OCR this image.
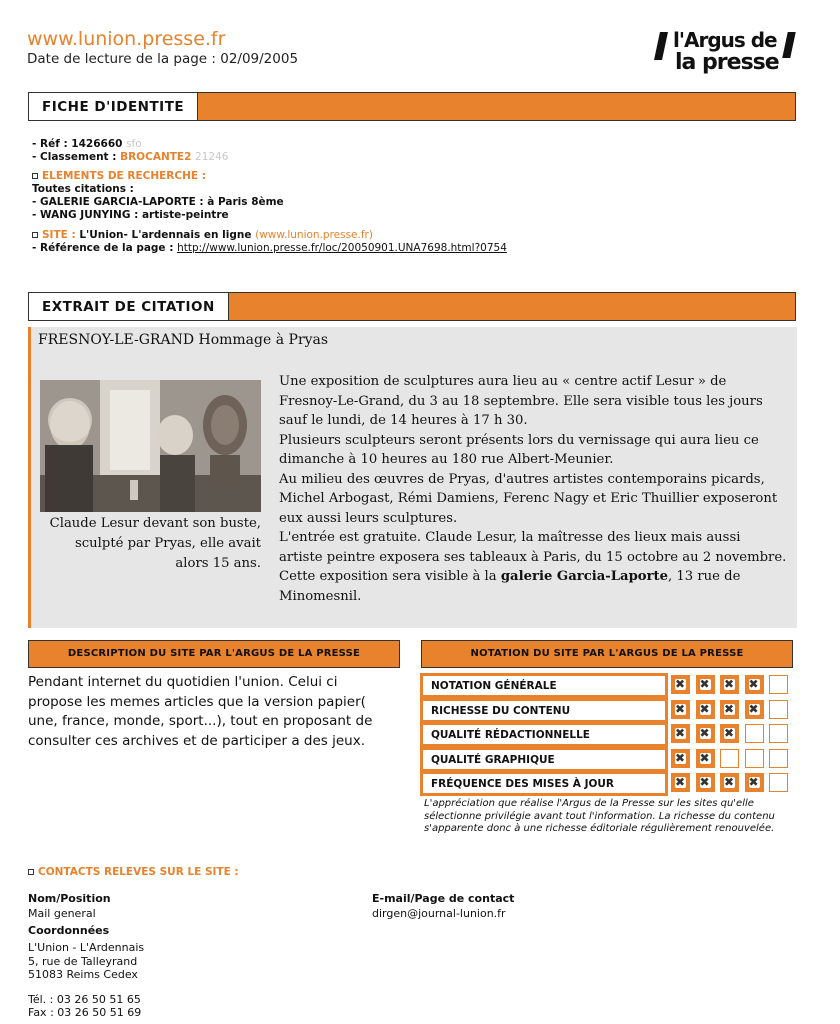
www.lunion.presse.fr
Date de lecture de la page : 02/09/2005
l'Argus de
la presse
FICHE D'IDENTITE
- Réf : 1426660 sfo
- Classement : BROCANTE2 21246
ELEMENTS DE RECHERCHE :
Toutes citations :
- GALERIE GARCIA-LAPORTE : à Paris 8ème
- WANG JUNYING : artiste-peintre
SITE : L'Union- L'ardennais en ligne (www.lunion.presse.fr)
- Référence de la page : http://www.lunion.presse.fr/loc/20050901.UNA7698.html?0754
EXTRAIT DE CITATION
FRESNOY-LE-GRAND Hommage à Pryas
Claude Lesur devant son buste, sculpté par Pryas, elle avait alors 15 ans.

Une exposition de sculptures aura lieu au « centre actif Lesur » de Fresnoy-Le-Grand, du 3 au 18 septembre. Elle sera visible tous les jours sauf le lundi, de 14 heures à 17 h 30.

Plusieurs sculpteurs seront présents lors du vernissage qui aura lieu ce dimanche à 10 heures au 180 rue Albert-Meunier.

Au milieu des œuvres de Pryas, d'autres artistes contemporains picards, Michel Arbogast, Rémi Damiens, Ferenc Nagy et Eric Thuillier exposeront eux aussi leurs sculptures.

L'entrée est gratuite. Claude Lesur, la maîtresse des lieux mais aussi artiste peintre exposera ses tableaux à Paris, du 15 octobre au 2 novembre.

Cette exposition sera visible à la galerie Garcia-Laporte, 13 rue de Minomesnil.

DESCRIPTION DU SITE PAR L'ARGUS DE LA PRESSE
Pendant internet du quotidien l'union. Celui ci propose les memes articles que la version papier( une, france, monde, sport...), tout en proposant de consulter ces archives et de participer a des jeux.
NOTATION DU SITE PAR L'ARGUS DE LA PRESSE
NOTATION GÉNÉRALE
✖
✖
✖
✖
RICHESSE DU CONTENU
✖
✖
✖
✖
QUALITÉ RÉDACTIONNELLE
✖
✖
✖
QUALITÉ GRAPHIQUE
✖
✖
FRÉQUENCE DES MISES À JOUR
✖
✖
✖
✖
L'appréciation que réalise l'Argus de la Presse sur les sites qu'elle sélectionne privilégie avant tout l'information. La richesse du contenu s'apparente donc à une richesse éditoriale régulièrement renouvelée.
CONTACTS RELEVES SUR LE SITE :
Nom/Position
Mail general
Coordonnées
L'Union - L'Ardennais
5, rue de Talleyrand
51083 Reims Cedex
Tél. : 03 26 50 51 65
Fax : 03 26 50 51 69
E-mail/Page de contact
dirgen@journal-lunion.fr
